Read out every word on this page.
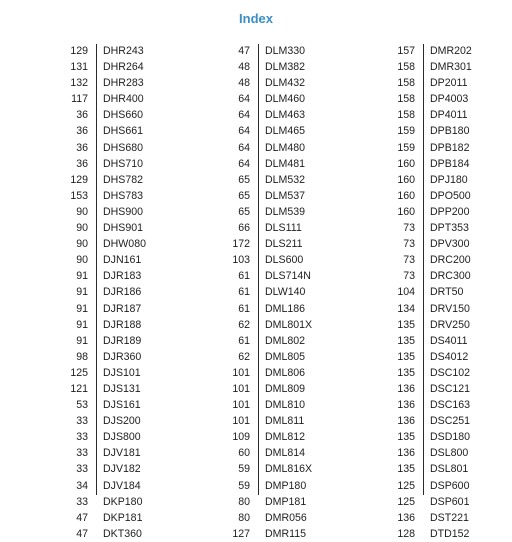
Index
129 DHR243
131 DHR264
132 DHR283
117 DHR400
36 DHS660
36 DHS661
36 DHS680
36 DHS710
129 DHS782
153 DHS783
90 DHS900
90 DHS901
90 DHW080
90 DJN161
91 DJR183
91 DJR186
91 DJR187
91 DJR188
91 DJR189
98 DJR360
125 DJS101
121 DJS131
53 DJS161
33 DJS200
33 DJS800
33 DJV181
33 DJV182
34 DJV184
33 DKP180
47 DKP181
47 DKT360
47 DLM330
48 DLM382
48 DLM432
64 DLM460
64 DLM463
64 DLM465
64 DLM480
64 DLM481
65 DLM532
65 DLM537
65 DLM539
66 DLS111
172 DLS211
103 DLS600
61 DLS714N
61 DLW140
61 DML186
62 DML801X
61 DML802
62 DML805
101 DML806
101 DML809
101 DML810
101 DML811
109 DML812
60 DML814
59 DML816X
59 DMP180
80 DMP181
80 DMR056
127 DMR115
157 DMR202
158 DMR301
158 DP2011
158 DP4003
158 DP4011
159 DPB180
159 DPB182
160 DPB184
160 DPJ180
160 DPO500
160 DPP200
73 DPT353
73 DPV300
73 DRC200
73 DRC300
104 DRT50
134 DRV150
135 DRV250
135 DS4011
135 DS4012
135 DSC102
136 DSC121
136 DSC163
136 DSC251
135 DSD180
136 DSL800
135 DSL801
125 DSP600
125 DSP601
136 DST221
128 DTD152
